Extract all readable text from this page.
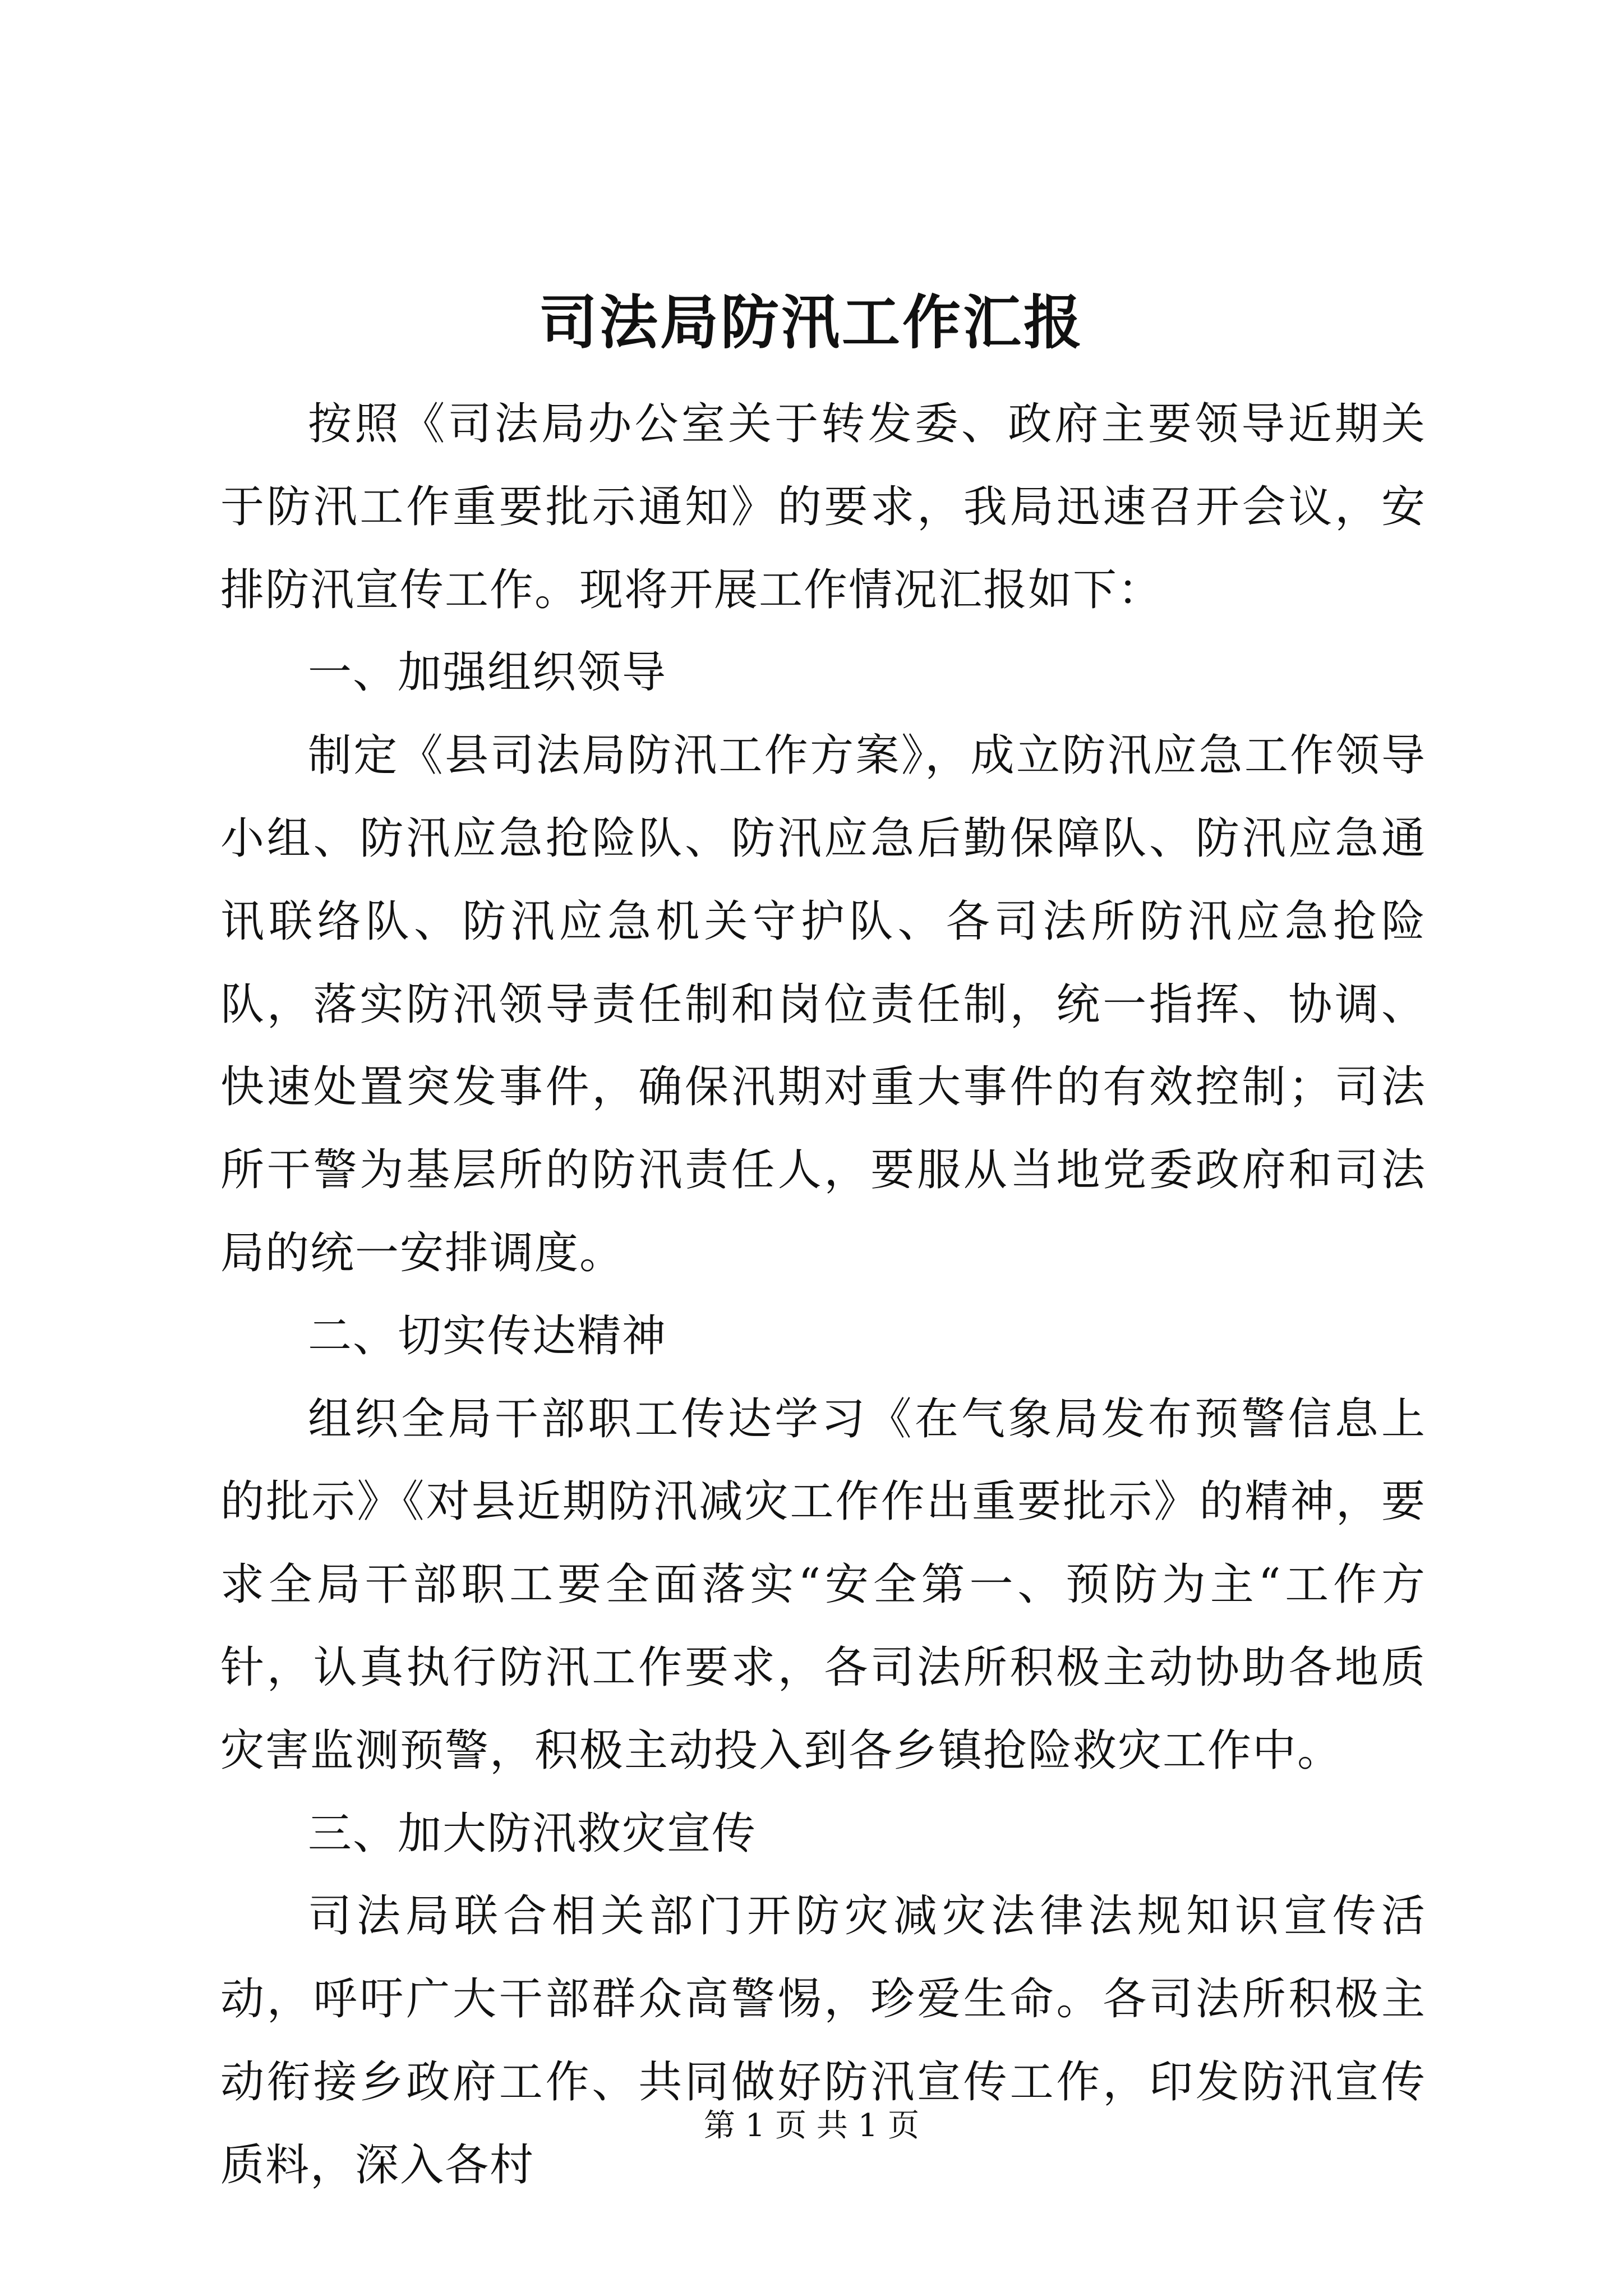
司法局防汛工作汇报

按照《司法局办公室关于转发委、政府主要领导近期关于防汛工作重要批示通知》的要求，我局迅速召开会议，安排防汛宣传工作。现将开展工作情况汇报如下：

一、加强组织领导

制定《县司法局防汛工作方案》，成立防汛应急工作领导小组、防汛应急抢险队、防汛应急后勤保障队、防汛应急通讯联络队、防汛应急机关守护队、各司法所防汛应急抢险队，落实防汛领导责任制和岗位责任制，统一指挥、协调、快速处置突发事件，确保汛期对重大事件的有效控制；司法所干警为基层所的防汛责任人，要服从当地党委政府和司法局的统一安排调度。

二、切实传达精神

组织全局干部职工传达学习《在气象局发布预警信息上的批示》《对县近期防汛减灾工作作出重要批示》的精神，要求全局干部职工要全面落实“安全第一、预防为主“工作方针，认真执行防汛工作要求，各司法所积极主动协助各地质灾害监测预警，积极主动投入到各乡镇抢险救灾工作中。

三、加大防汛救灾宣传

司法局联合相关部门开防灾减灾法律法规知识宣传活动，呼吁广大干部群众高警惕，珍爱生命。各司法所积极主动衔接乡政府工作、共同做好防汛宣传工作，印发防汛宣传质料，深入各村

第 1 页 共 1 页
